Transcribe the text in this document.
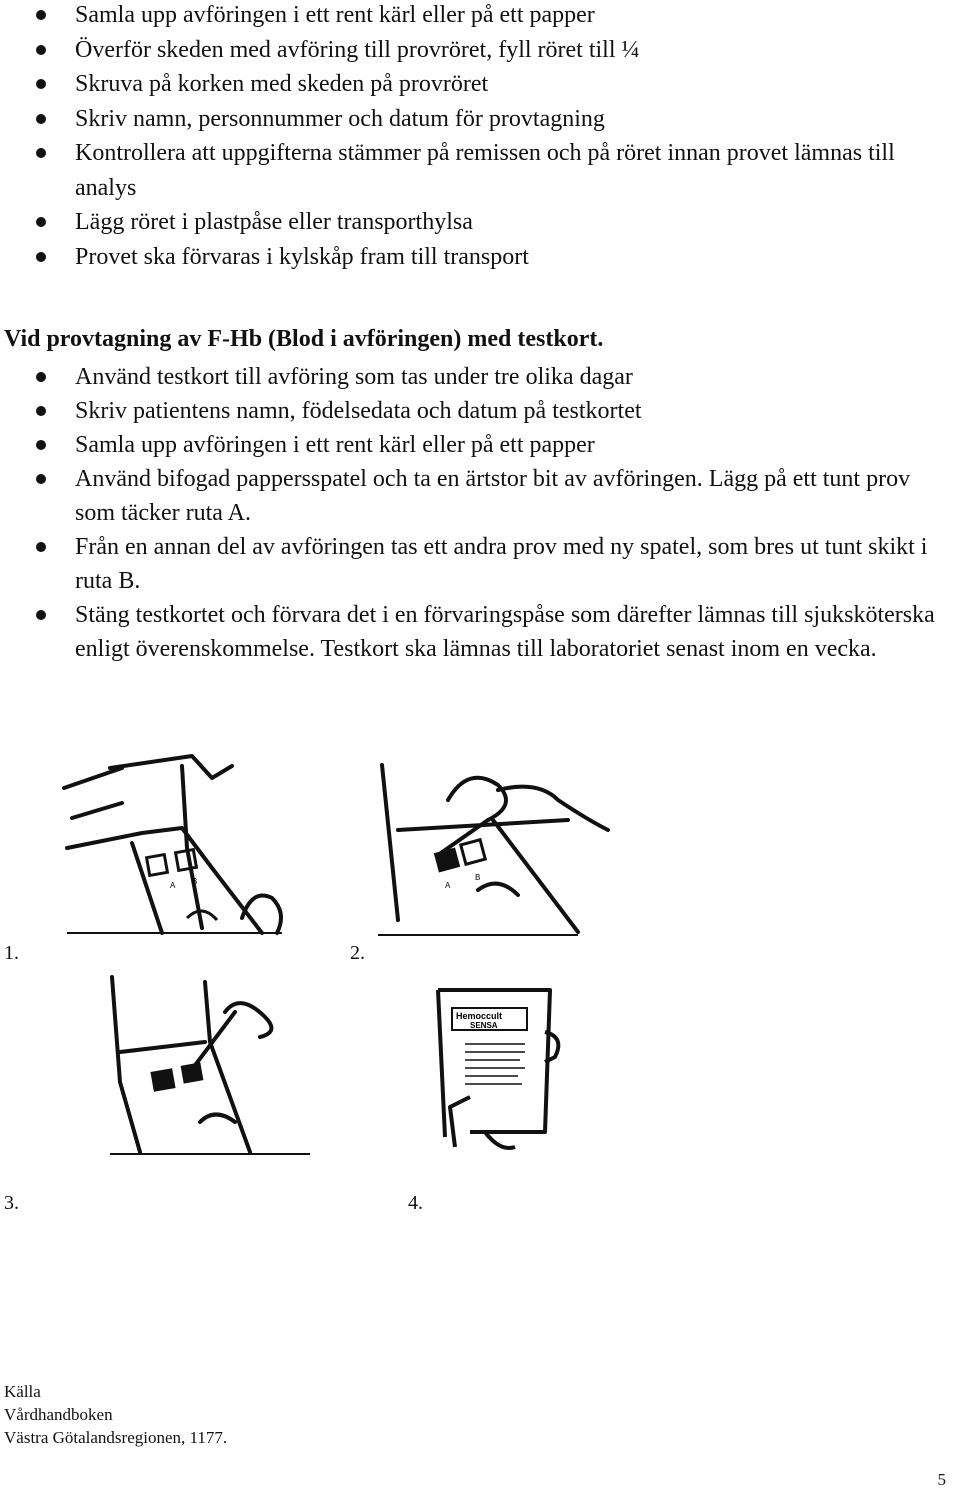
Samla upp avföringen i ett rent kärl eller på ett papper
Överför skeden med avföring till provröret, fyll röret till ¼
Skruva på korken med skeden på provröret
Skriv namn, personnummer och datum för provtagning
Kontrollera att uppgifterna stämmer på remissen och på röret innan provet lämnas till analys
Lägg röret i plastpåse eller transporthylsa
Provet ska förvaras i kylskåp fram till transport
Vid provtagning av F-Hb (Blod i avföringen) med testkort.
Använd testkort till avföring som tas under tre olika dagar
Skriv patientens namn, födelsedata och datum på testkortet
Samla upp avföringen i ett rent kärl eller på ett papper
Använd bifogad pappersspatel och ta en ärtstor bit av avföringen. Lägg på ett tunt prov som täcker ruta A.
Från en annan del av avföringen tas ett andra prov med ny spatel, som bres ut tunt skikt i ruta B.
Stäng testkortet och förvara det i en förvaringspåse som därefter lämnas till sjuksköterska enligt överenskommelse. Testkort ska lämnas till laboratoriet senast inom en vecka.
A B
1.
A
B
2.
3.
Hemoccult
SENSA
4.
Källa
Vårdhandboken
Västra Götalandsregionen, 1177.
5
